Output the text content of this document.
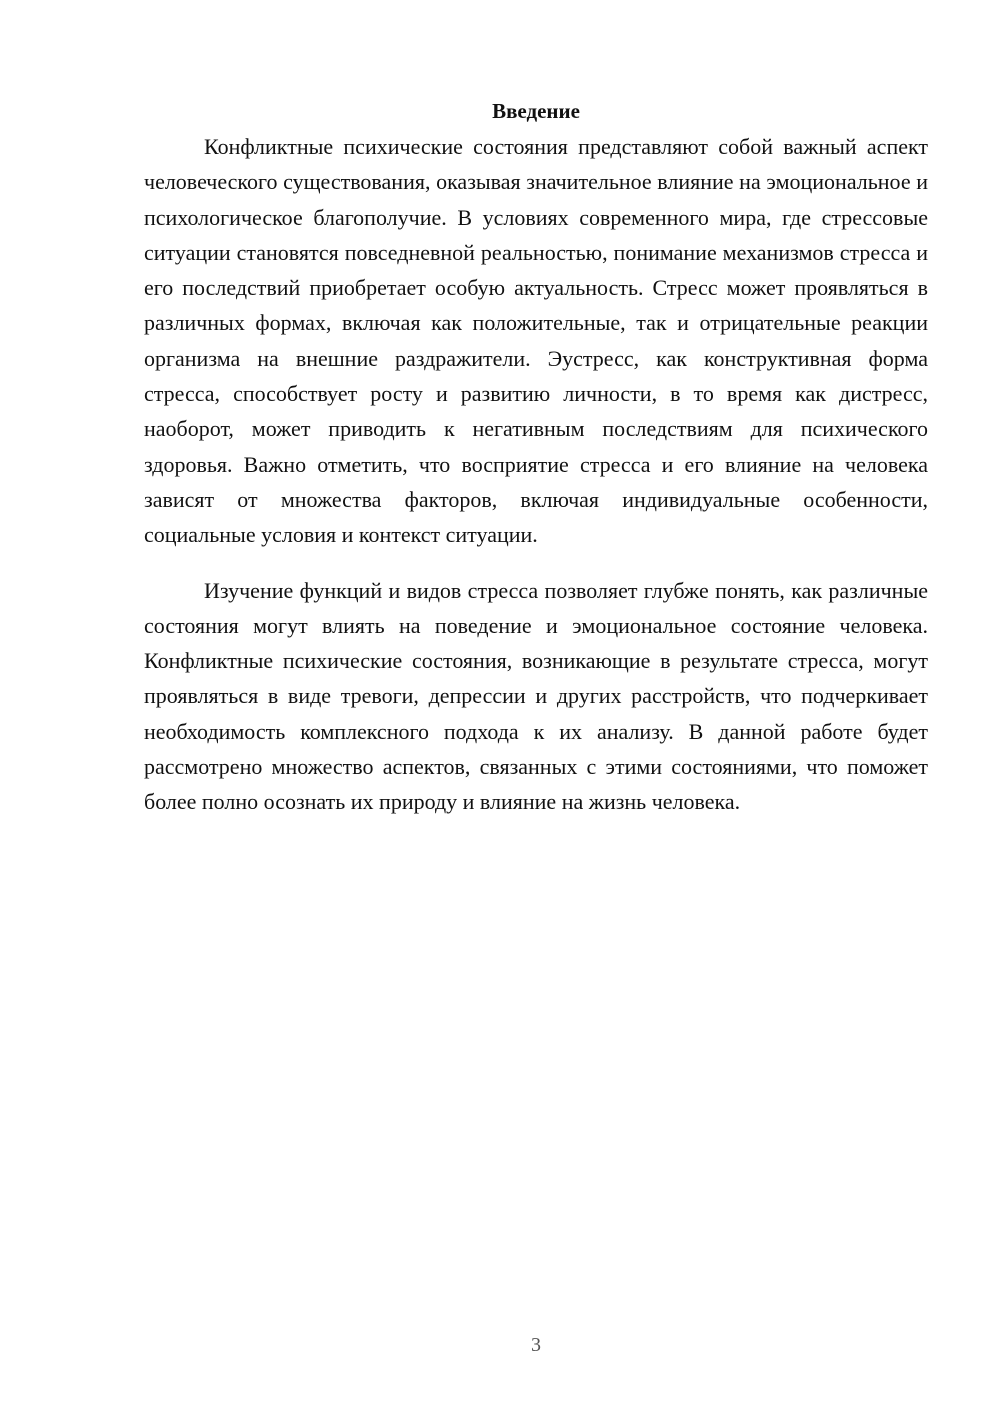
Введение

Конфликтные психические состояния представляют собой важный аспект человеческого существования, оказывая значительное влияние на эмоциональное и психологическое благополучие. В условиях современного мира, где стрессовые ситуации становятся повседневной реальностью, понимание механизмов стресса и его последствий приобретает особую актуальность. Стресс может проявляться в различных формах, включая как положительные, так и отрицательные реакции организма на внешние раздражители. Эустресс, как конструктивная форма стресса, способствует росту и развитию личности, в то время как дистресс, наоборот, может приводить к негативным последствиям для психического здоровья. Важно отметить, что восприятие стресса и его влияние на человека зависят от множества факторов, включая индивидуальные особенности, социальные условия и контекст ситуации.

Изучение функций и видов стресса позволяет глубже понять, как различные состояния могут влиять на поведение и эмоциональное состояние человека. Конфликтные психические состояния, возникающие в результате стресса, могут проявляться в виде тревоги, депрессии и других расстройств, что подчеркивает необходимость комплексного подхода к их анализу. В данной работе будет рассмотрено множество аспектов, связанных с этими состояниями, что поможет более полно осознать их природу и влияние на жизнь человека.

3
